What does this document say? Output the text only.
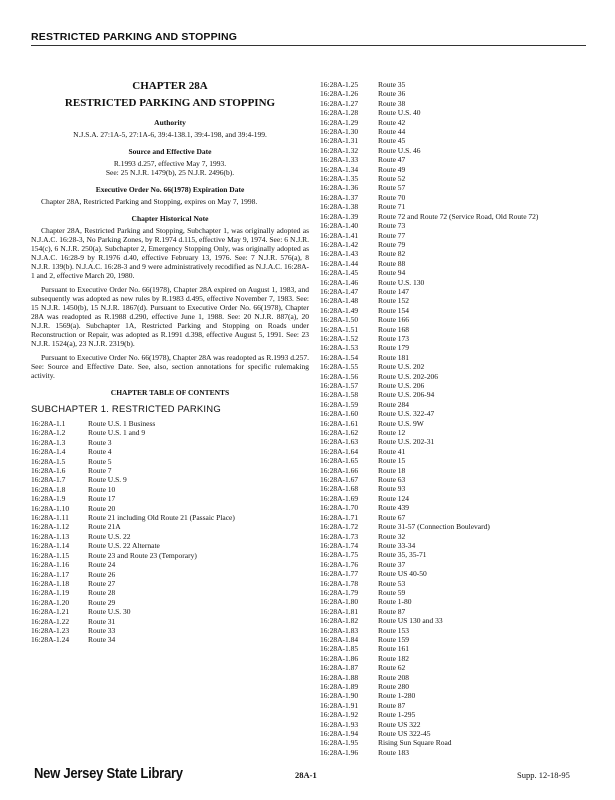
RESTRICTED PARKING AND STOPPING
CHAPTER 28A
RESTRICTED PARKING AND STOPPING
Authority

N.J.S.A. 27:1A-5, 27:1A-6, 39:4-138.1, 39:4-198, and 39:4-199.

Source and Effective Date

R.1993 d.257, effective May 7, 1993.

See: 25 N.J.R. 1479(b), 25 N.J.R. 2496(b).

Executive Order No. 66(1978) Expiration Date

Chapter 28A, Restricted Parking and Stopping, expires on May 7, 1998.

Chapter Historical Note

Chapter 28A, Restricted Parking and Stopping, Subchapter 1, was originally adopted as N.J.A.C. 16:28-3, No Parking Zones, by R.1974 d.115, effective May 9, 1974. See: 6 N.J.R. 154(c), 6 N.J.R. 250(a). Subchapter 2, Emergency Stopping Only, was originally adopted as N.J.A.C. 16:28-9 by R.1976 d.40, effective February 13, 1976. See: 7 N.J.R. 576(a), 8 N.J.R. 139(b). N.J.A.C. 16:28-3 and 9 were administratively recodified as N.J.A.C. 16:28A-1 and 2, effective March 20, 1980.

Pursuant to Executive Order No. 66(1978), Chapter 28A expired on August 1, 1983, and subsequently was adopted as new rules by R.1983 d.495, effective November 7, 1983. See: 15 N.J.R. 1450(b), 15 N.J.R. 1867(d). Pursuant to Executive Order No. 66(1978), Chapter 28A was readopted as R.1988 d.290, effective June 1, 1988. See: 20 N.J.R. 887(a), 20 N.J.R. 1569(a). Subchapter 1A, Restricted Parking and Stopping on Roads under Reconstruction or Repair, was adopted as R.1991 d.398, effective August 5, 1991. See: 23 N.J.R. 1524(a), 23 N.J.R. 2319(b).

Pursuant to Executive Order No. 66(1978), Chapter 28A was readopted as R.1993 d.257. See: Source and Effective Date. See, also, section annotations for specific rulemaking activity.

CHAPTER TABLE OF CONTENTS
SUBCHAPTER 1. RESTRICTED PARKING
16:28A-1.1	Route U.S. 1 Business
16:28A-1.2	Route U.S. 1 and 9
16:28A-1.3	Route 3
16:28A-1.4	Route 4
16:28A-1.5	Route 5
16:28A-1.6	Route 7
16:28A-1.7	Route U.S. 9
16:28A-1.8	Route 10
16:28A-1.9	Route 17
16:28A-1.10	Route 20
16:28A-1.11	Route 21 including Old Route 21 (Passaic Place)
16:28A-1.12	Route 21A
16:28A-1.13	Route U.S. 22
16:28A-1.14	Route U.S. 22 Alternate
16:28A-1.15	Route 23 and Route 23 (Temporary)
16:28A-1.16	Route 24
16:28A-1.17	Route 26
16:28A-1.18	Route 27
16:28A-1.19	Route 28
16:28A-1.20	Route 29
16:28A-1.21	Route U.S. 30
16:28A-1.22	Route 31
16:28A-1.23	Route 33
16:28A-1.24	Route 34
16:28A-1.25	Route 35
16:28A-1.26	Route 36
16:28A-1.27	Route 38
16:28A-1.28	Route U.S. 40
16:28A-1.29	Route 42
16:28A-1.30	Route 44
16:28A-1.31	Route 45
16:28A-1.32	Route U.S. 46
16:28A-1.33	Route 47
16:28A-1.34	Route 49
16:28A-1.35	Route 52
16:28A-1.36	Route 57
16:28A-1.37	Route 70
16:28A-1.38	Route 71
16:28A-1.39	Route 72 and Route 72 (Service Road, Old Route 72)
16:28A-1.40	Route 73
16:28A-1.41	Route 77
16:28A-1.42	Route 79
16:28A-1.43	Route 82
16:28A-1.44	Route 88
16:28A-1.45	Route 94
16:28A-1.46	Route U.S. 130
16:28A-1.47	Route 147
16:28A-1.48	Route 152
16:28A-1.49	Route 154
16:28A-1.50	Route 166
16:28A-1.51	Route 168
16:28A-1.52	Route 173
16:28A-1.53	Route 179
16:28A-1.54	Route 181
16:28A-1.55	Route U.S. 202
16:28A-1.56	Route U.S. 202-206
16:28A-1.57	Route U.S. 206
16:28A-1.58	Route U.S. 206-94
16:28A-1.59	Route 284
16:28A-1.60	Route U.S. 322-47
16:28A-1.61	Route U.S. 9W
16:28A-1.62	Route 12
16:28A-1.63	Route U.S. 202-31
16:28A-1.64	Route 41
16:28A-1.65	Route 15
16:28A-1.66	Route 18
16:28A-1.67	Route 63
16:28A-1.68	Route 93
16:28A-1.69	Route 124
16:28A-1.70	Route 439
16:28A-1.71	Route 67
16:28A-1.72	Route 31-57 (Connection Boulevard)
16:28A-1.73	Route 32
16:28A-1.74	Route 33-34
16:28A-1.75	Route 35, 35-71
16:28A-1.76	Route 37
16:28A-1.77	Route US 40-50
16:28A-1.78	Route 53
16:28A-1.79	Route 59
16:28A-1.80	Route 1-80
16:28A-1.81	Route 87
16:28A-1.82	Route US 130 and 33
16:28A-1.83	Route 153
16:28A-1.84	Route 159
16:28A-1.85	Route 161
16:28A-1.86	Route 182
16:28A-1.87	Route 62
16:28A-1.88	Route 208
16:28A-1.89	Route 280
16:28A-1.90	Route 1-280
16:28A-1.91	Route 87
16:28A-1.92	Route 1-295
16:28A-1.93	Route US 322
16:28A-1.94	Route US 322-45
16:28A-1.95	Rising Sun Square Road
16:28A-1.96	Route 183
New Jersey State Library	28A-1	Supp. 12-18-95
